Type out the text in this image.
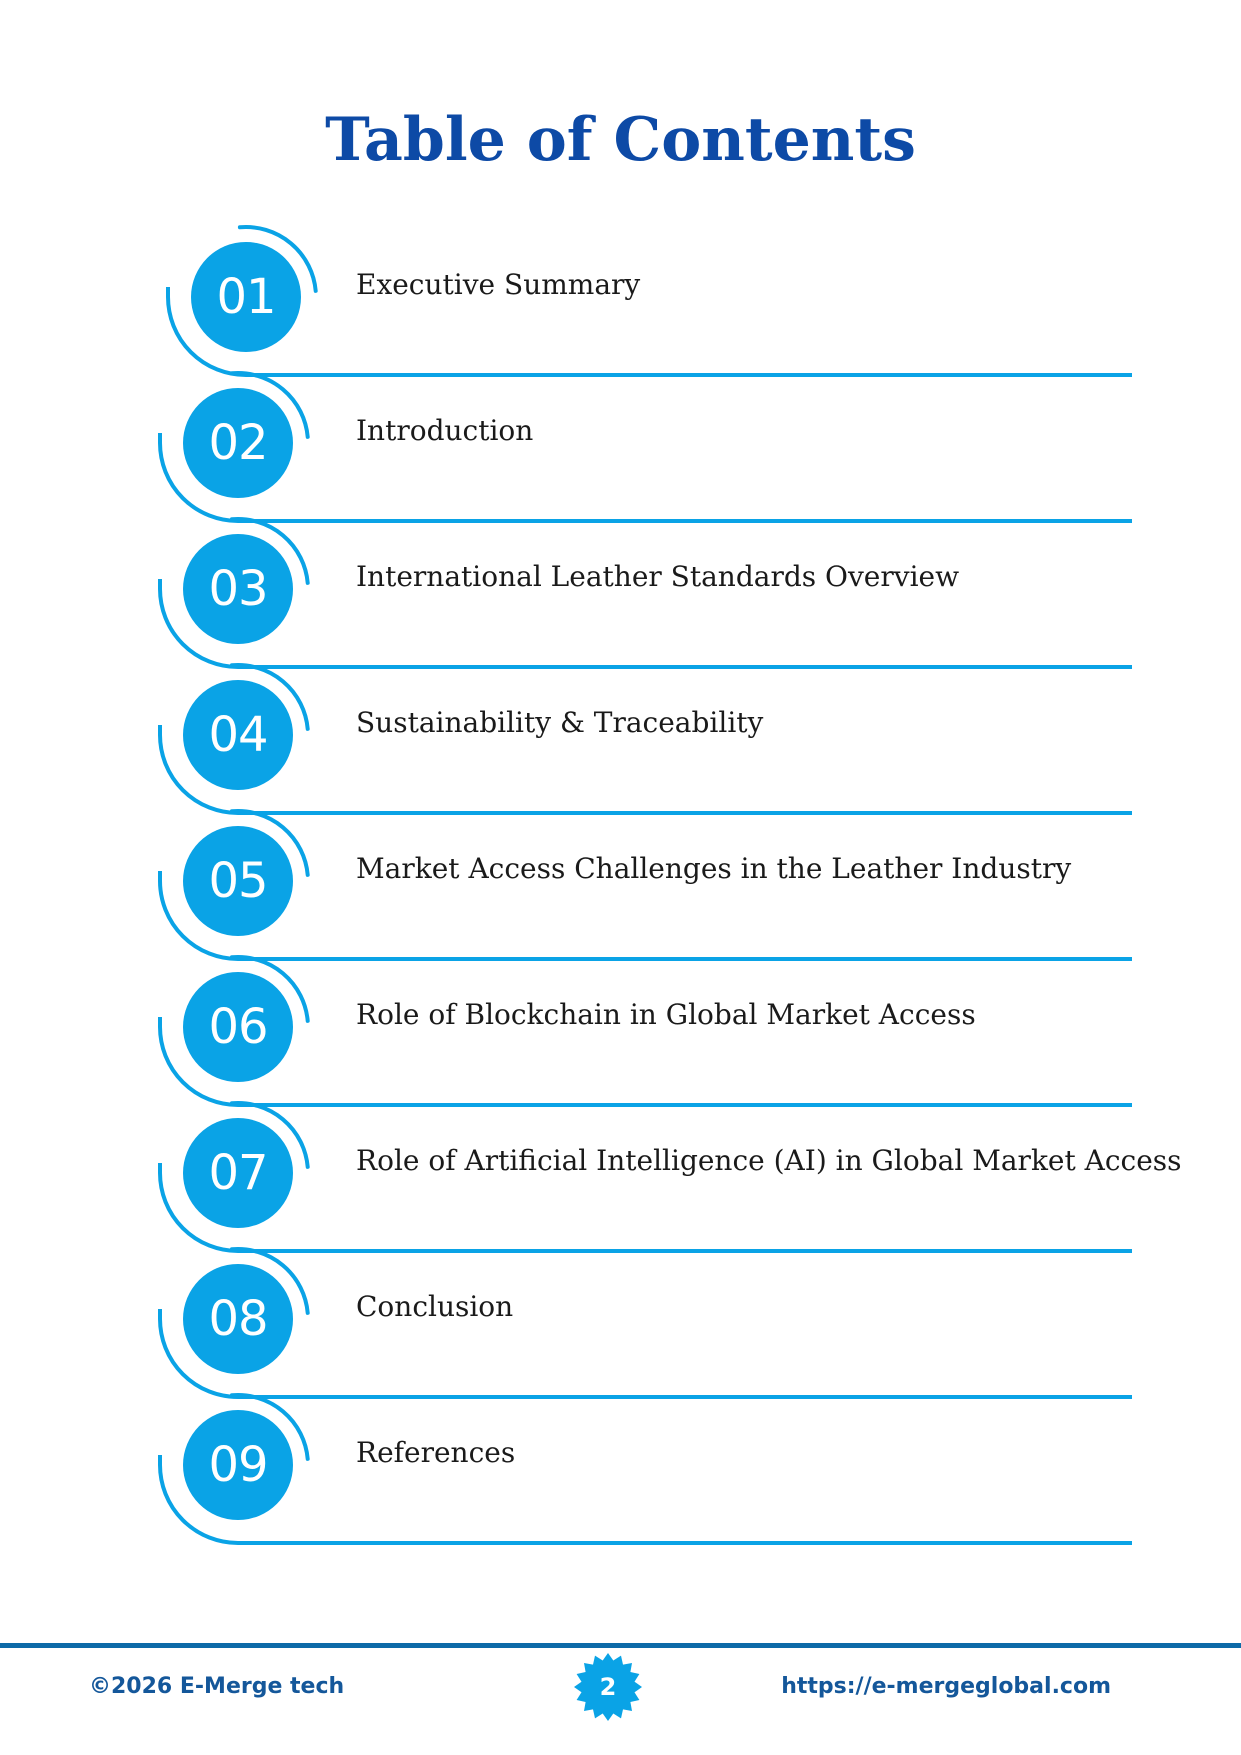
Table of Contents
01	Executive Summary
02	Introduction
03	International Leather Standards Overview
04	Sustainability & Traceability
05	Market Access Challenges in the Leather Industry
06	Role of Blockchain in Global Market Access
07	Role of Artificial Intelligence (AI) in Global Market Access
08	Conclusion
09	References
©2026 E-Merge tech	2	https://e-mergeglobal.com
